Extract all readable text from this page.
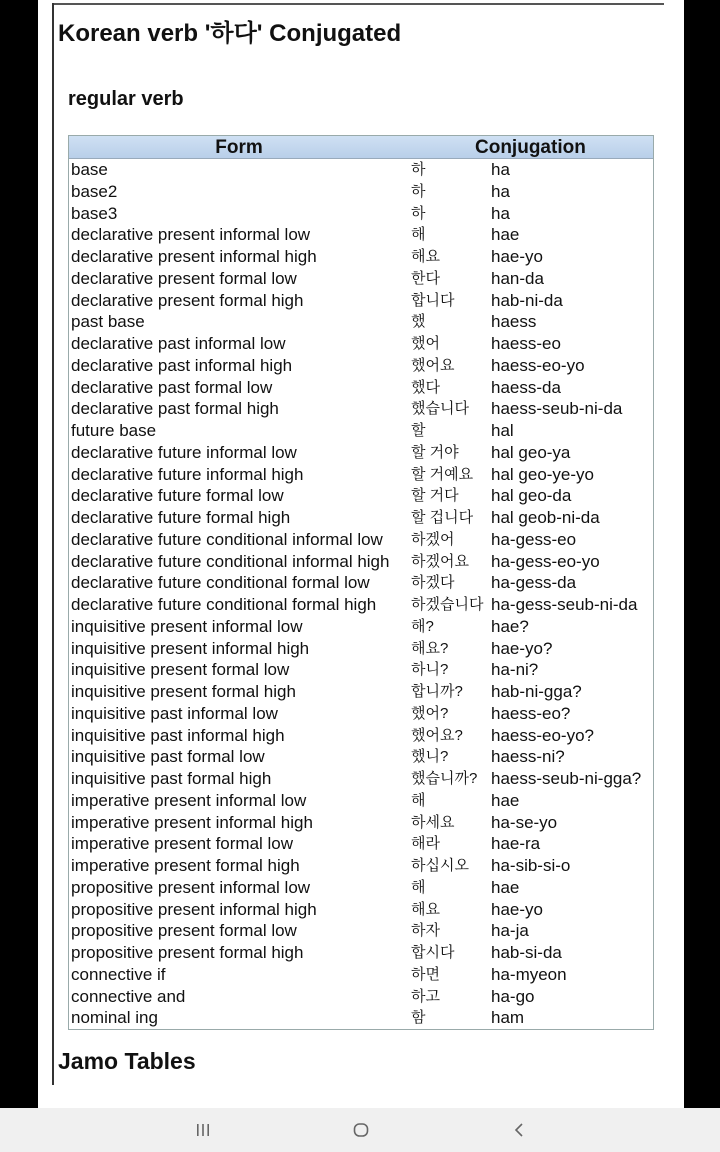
Korean verb '하다' Conjugated
regular verb
Form	Conjugation
base	하	ha
base2	하	ha
base3	하	ha
declarative present informal low	해	hae
declarative present informal high	해요	hae-yo
declarative present formal low	한다	han-da
declarative present formal high	합니다	hab-ni-da
past base	했	haess
declarative past informal low	했어	haess-eo
declarative past informal high	했어요	haess-eo-yo
declarative past formal low	했다	haess-da
declarative past formal high	했습니다	haess-seub-ni-da
future base	할	hal
declarative future informal low	할 거야	hal geo-ya
declarative future informal high	할 거예요	hal geo-ye-yo
declarative future formal low	할 거다	hal geo-da
declarative future formal high	할 겁니다	hal geob-ni-da
declarative future conditional informal low	하겠어	ha-gess-eo
declarative future conditional informal high	하겠어요	ha-gess-eo-yo
declarative future conditional formal low	하겠다	ha-gess-da
declarative future conditional formal high	하겠습니다 ha-gess-seub-ni-da
inquisitive present informal low	해?	hae?
inquisitive present informal high	해요?	hae-yo?
inquisitive present formal low	하니?	ha-ni?
inquisitive present formal high	합니까?	hab-ni-gga?
inquisitive past informal low	했어?	haess-eo?
inquisitive past informal high	했어요?	haess-eo-yo?
inquisitive past formal low	했니?	haess-ni?
inquisitive past formal high	했습니까? haess-seub-ni-gga?
imperative present informal low	해	hae
imperative present informal high	하세요	ha-se-yo
imperative present formal low	해라	hae-ra
imperative present formal high	하십시오	ha-sib-si-o
propositive present informal low	해	hae
propositive present informal high	해요	hae-yo
propositive present formal low	하자	ha-ja
propositive present formal high	합시다	hab-si-da
connective if	하면	ha-myeon
connective and	하고	ha-go
nominal ing	함	ham
Jamo Tables
